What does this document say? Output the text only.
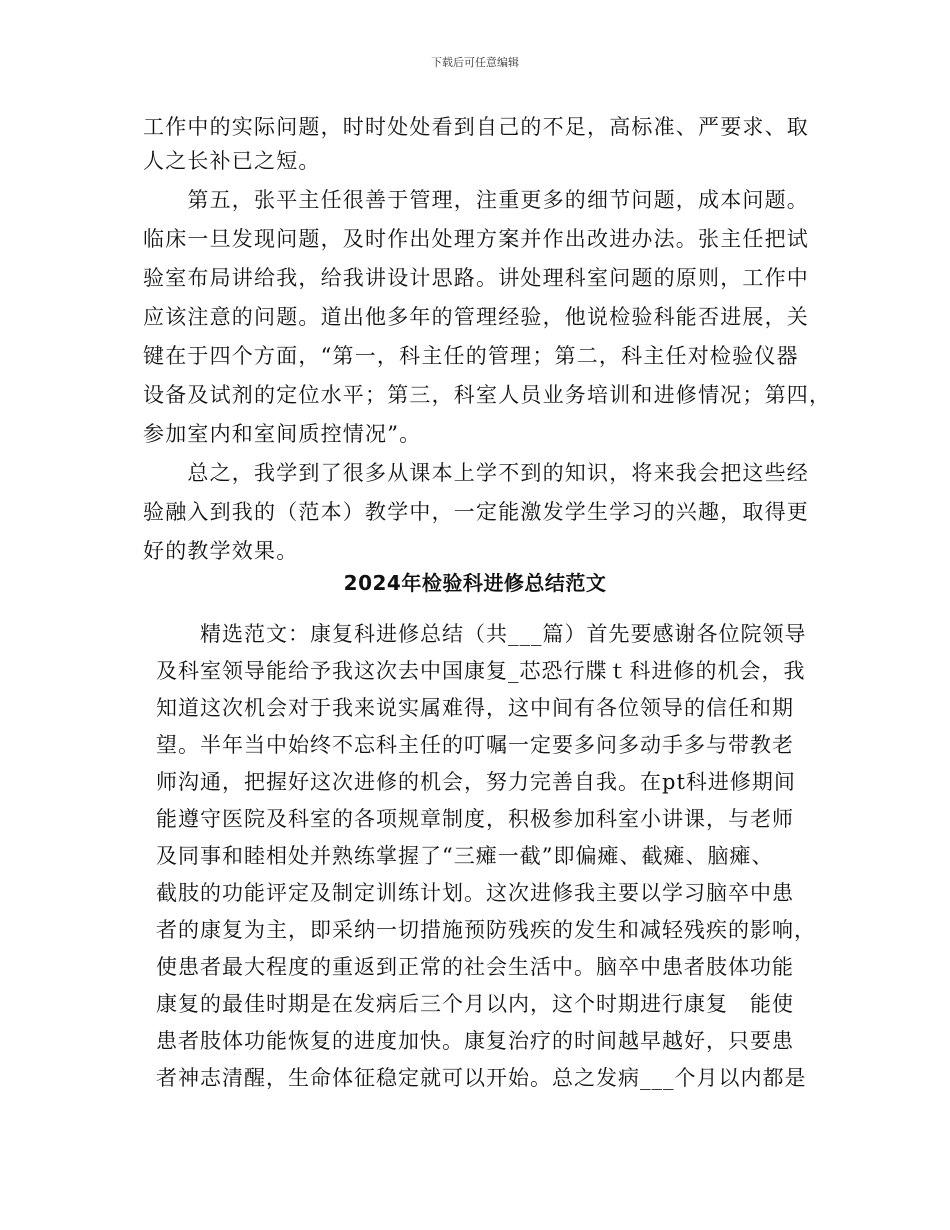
下载后可任意编辑
工作中的实际问题，时时处处看到自己的不足，高标准、严要求、取
人之长补已之短。
　　第五，张平主任很善于管理，注重更多的细节问题，成本问题。
临床一旦发现问题，及时作出处理方案并作出改进办法。张主任把试
验室布局讲给我，给我讲设计思路。讲处理科室问题的原则，工作中
应该注意的问题。道出他多年的管理经验，他说检验科能否进展，关
键在于四个方面，“第一，科主任的管理；第二，科主任对检验仪器
设备及试剂的定位水平；第三，科室人员业务培训和进修情况；第四，
参加室内和室间质控情况”。
　　总之，我学到了很多从课本上学不到的知识，将来我会把这些经
验融入到我的（范本）教学中，一定能激发学生学习的兴趣，取得更
好的教学效果。
2024年检验科进修总结范文
　　精选范文：康复科进修总结（共___篇）首先要感谢各位院领导
及科室领导能给予我这次去中国康复_芯恐行牒ｔ科进修的机会，我
知道这次机会对于我来说实属难得，这中间有各位领导的信任和期
望。半年当中始终不忘科主任的叮嘱一定要多问多动手多与带教老
师沟通，把握好这次进修的机会，努力完善自我。在pt科进修期间
能遵守医院及科室的各项规章制度，积极参加科室小讲课，与老师
及同事和睦相处并熟练掌握了“三瘫一截”即偏瘫、截瘫、脑瘫、
截肢的功能评定及制定训练计划。这次进修我主要以学习脑卒中患
者的康复为主，即采纳一切措施预防残疾的发生和减轻残疾的影响，
使患者最大程度的重返到正常的社会生活中。脑卒中患者肢体功能
康复的最佳时期是在发病后三个月以内，这个时期进行康复　能使
患者肢体功能恢复的进度加快。康复治疗的时间越早越好，只要患
者神志清醒，生命体征稳定就可以开始。总之发病___个月以内都是
